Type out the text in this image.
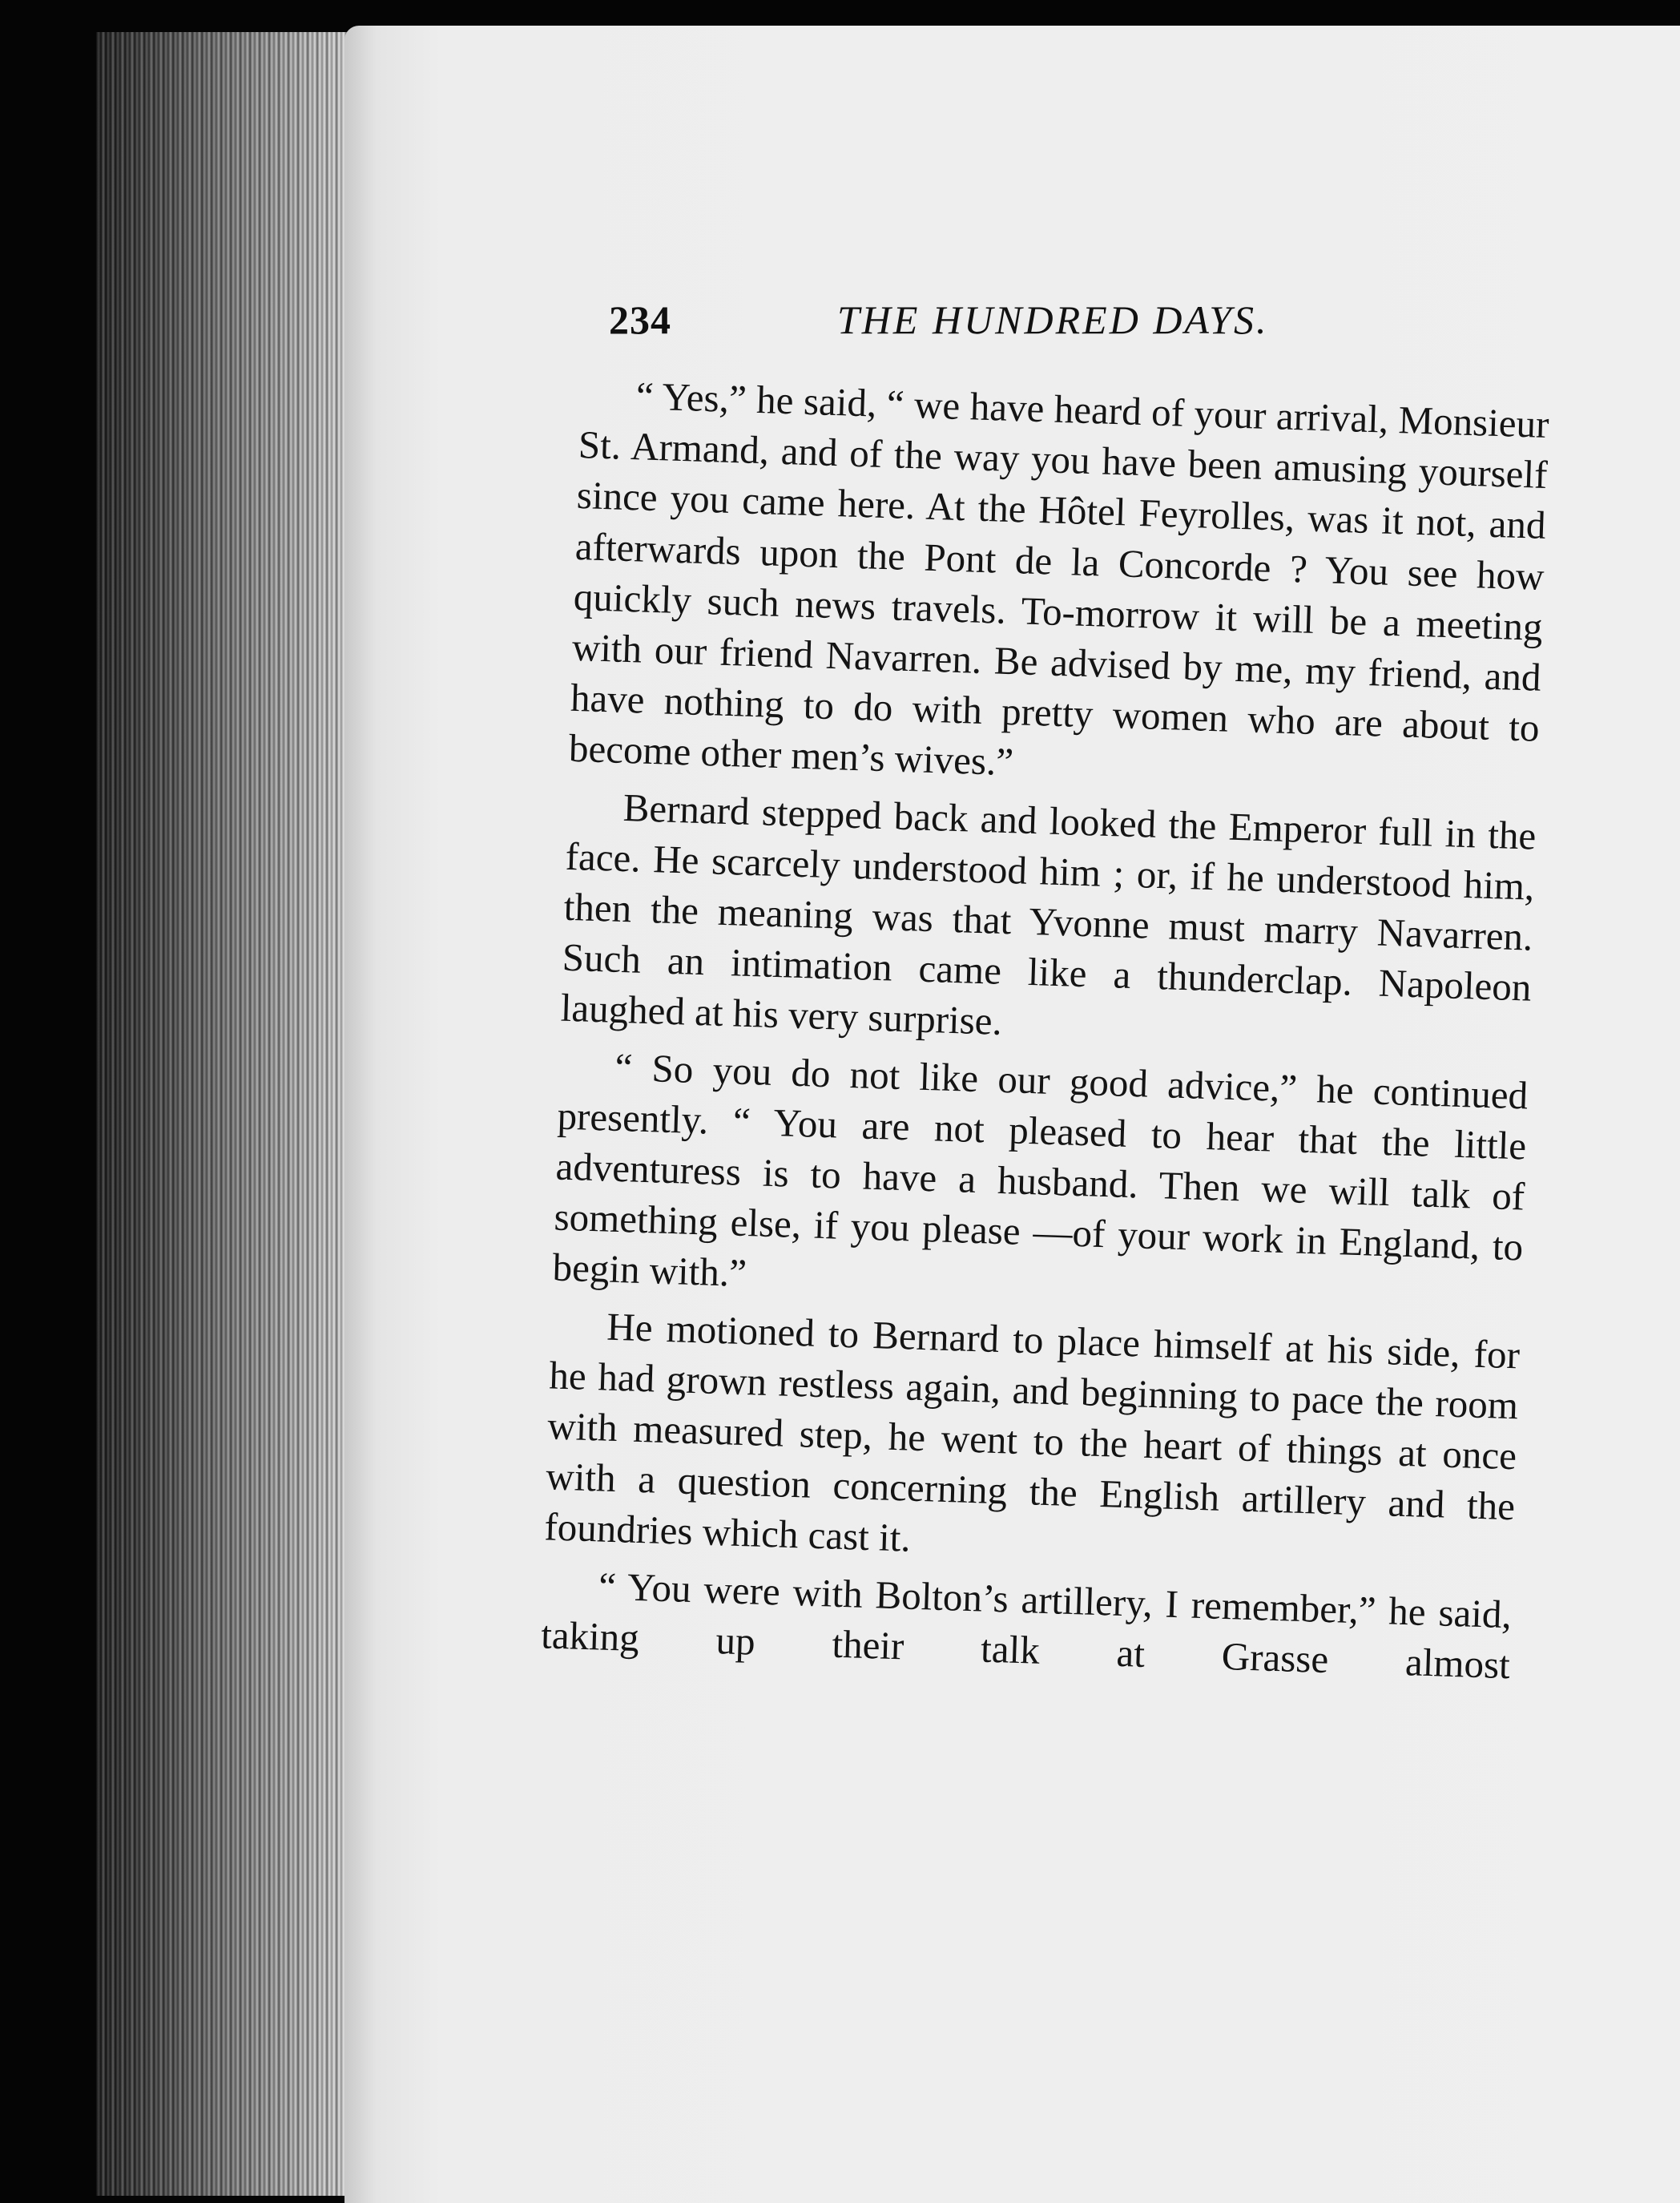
234	THE HUNDRED DAYS.

“ Yes,” he said, “ we have heard of your arrival, Monsieur St. Armand, and of the way you have been amusing yourself since you came here. At the Hôtel Feyrolles, was it not, and afterwards upon the Pont de la Concorde ? You see how quickly such news travels. To-morrow it will be a meeting with our friend Navarren. Be advised by me, my friend, and have nothing to do with pretty women who are about to become other men’s wives.”

Bernard stepped back and looked the Emperor full in the face. He scarcely understood him ; or, if he understood him, then the meaning was that Yvonne must marry Navarren. Such an intimation came like a thunderclap. Napoleon laughed at his very surprise.

“ So you do not like our good advice,” he continued presently. “ You are not pleased to hear that the little adventuress is to have a husband. Then we will talk of something else, if you please —of your work in England, to begin with.”

He motioned to Bernard to place himself at his side, for he had grown restless again, and beginning to pace the room with measured step, he went to the heart of things at once with a question concerning the English artillery and the foundries which cast it.

“ You were with Bolton’s artillery, I remember,” he said, taking up their talk at Grasse almost
